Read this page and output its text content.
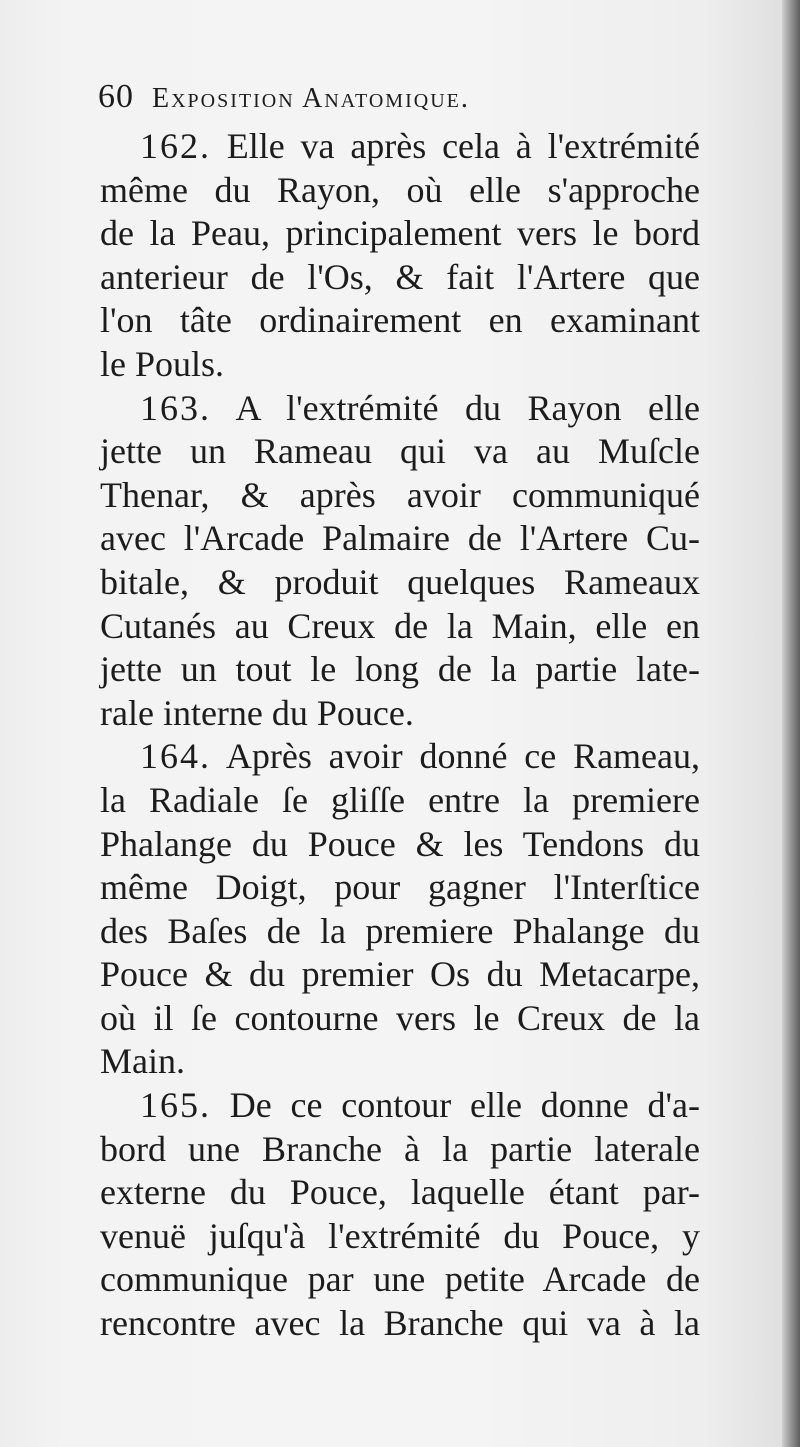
60 Exposition Anatomique.
162. Elle va après cela à l'extrémité
même du Rayon, où elle s'approche
de la Peau, principalement vers le bord
anterieur de l'Os, & fait l'Artere que
l'on tâte ordinairement en examinant
le Pouls.
163. A l'extrémité du Rayon elle
jette un Rameau qui va au Muſcle
Thenar, & après avoir communiqué
avec l'Arcade Palmaire de l'Artere Cu-
bitale, & produit quelques Rameaux
Cutanés au Creux de la Main, elle en
jette un tout le long de la partie late-
rale interne du Pouce.
164. Après avoir donné ce Rameau,
la Radiale ſe gliſſe entre la premiere
Phalange du Pouce & les Tendons du
même Doigt, pour gagner l'Interſtice
des Baſes de la premiere Phalange du
Pouce & du premier Os du Metacarpe,
où il ſe contourne vers le Creux de la
Main.
165. De ce contour elle donne d'a-
bord une Branche à la partie laterale
externe du Pouce, laquelle étant par-
venuë juſqu'à l'extrémité du Pouce, y
communique par une petite Arcade de
rencontre avec la Branche qui va à la
